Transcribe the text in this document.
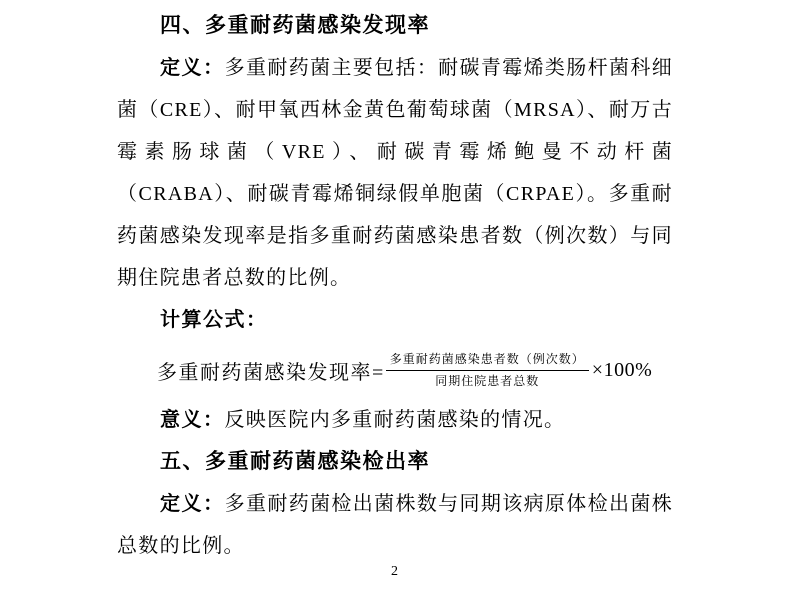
四、多重耐药菌感染发现率

定义：多重耐药菌主要包括：耐碳青霉烯类肠杆菌科细菌（CRE）、耐甲氧西林金黄色葡萄球菌（MRSA）、耐万古霉素肠球菌（VRE）、耐碳青霉烯鲍曼不动杆菌（CRABA）、耐碳青霉烯铜绿假单胞菌（CRPAE）。多重耐药菌感染发现率是指多重耐药菌感染患者数（例次数）与同期住院患者总数的比例。

计算公式：

多重耐药菌感染发现率= $\frac{\text{多重耐药菌感染患者数（例次数）}}{\text{同期住院患者总数}} \times 100\%$

意义：反映医院内多重耐药菌感染的情况。

五、多重耐药菌感染检出率

定义：多重耐药菌检出菌株数与同期该病原体检出菌株总数的比例。

2
